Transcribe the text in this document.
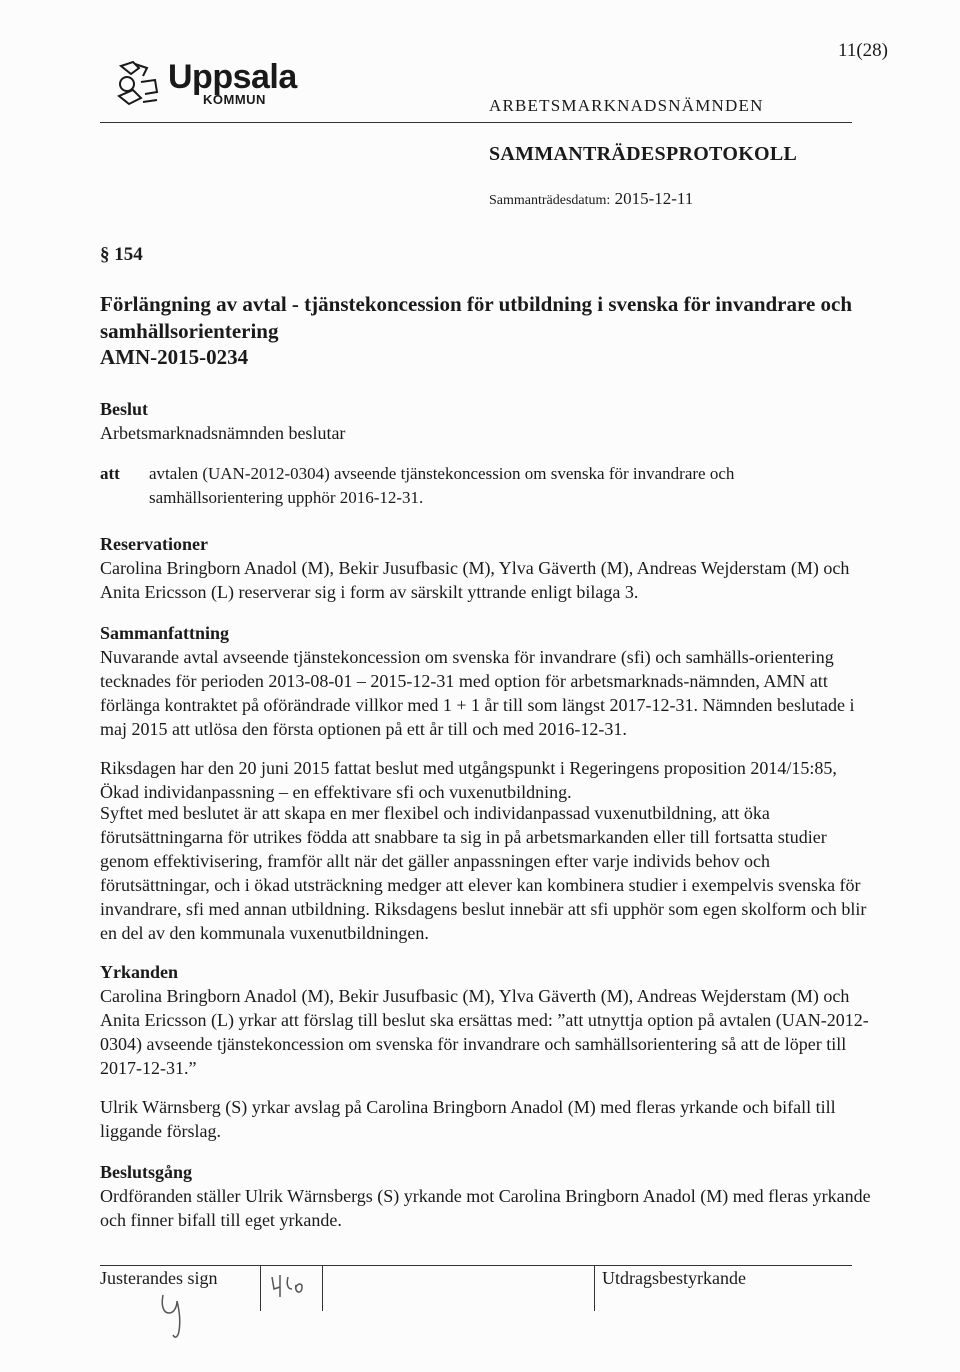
11(28)
Uppsala
KOMMUN	ARBETSMARKNADSNÄMNDEN
SAMMANTRÄDESPROTOKOLL
Sammanträdesdatum: 2015-12-11
§ 154
Förlängning av avtal - tjänstekoncession för utbildning i svenska för invandrare och samhällsorientering
AMN-2015-0234
Beslut
Arbetsmarknadsnämnden beslutar
att avtalen (UAN-2012-0304) avseende tjänstekoncession om svenska för invandrare och samhällsorientering upphör 2016-12-31.
Reservationer
Carolina Bringborn Anadol (M), Bekir Jusufbasic (M), Ylva Gäverth (M), Andreas Wejderstam (M) och Anita Ericsson (L) reserverar sig i form av särskilt yttrande enligt bilaga 3.
Sammanfattning
Nuvarande avtal avseende tjänstekoncession om svenska för invandrare (sfi) och samhälls-orientering tecknades för perioden 2013-08-01 – 2015-12-31 med option för arbetsmarknads-nämnden, AMN att förlänga kontraktet på oförändrade villkor med 1 + 1 år till som längst 2017-12-31. Nämnden beslutade i maj 2015 att utlösa den första optionen på ett år till och med 2016-12-31.
Riksdagen har den 20 juni 2015 fattat beslut med utgångspunkt i Regeringens proposition 2014/15:85, Ökad individanpassning – en effektivare sfi och vuxenutbildning.
Syftet med beslutet är att skapa en mer flexibel och individanpassad vuxenutbildning, att öka förutsättningarna för utrikes födda att snabbare ta sig in på arbetsmarkanden eller till fortsatta studier genom effektivisering, framför allt när det gäller anpassningen efter varje individs behov och förutsättningar, och i ökad utsträckning medger att elever kan kombinera studier i exempelvis svenska för invandrare, sfi med annan utbildning. Riksdagens beslut innebär att sfi upphör som egen skolform och blir en del av den kommunala vuxenutbildningen.
Yrkanden
Carolina Bringborn Anadol (M), Bekir Jusufbasic (M), Ylva Gäverth (M), Andreas Wejderstam (M) och Anita Ericsson (L) yrkar att förslag till beslut ska ersättas med: ”att utnyttja option på avtalen (UAN-2012-0304) avseende tjänstekoncession om svenska för invandrare och samhällsorientering så att de löper till 2017-12-31.”
Ulrik Wärnsberg (S) yrkar avslag på Carolina Bringborn Anadol (M) med fleras yrkande och bifall till liggande förslag.
Beslutsgång
Ordföranden ställer Ulrik Wärnsbergs (S) yrkande mot Carolina Bringborn Anadol (M) med fleras yrkande och finner bifall till eget yrkande.
Justerandes sign	Utdragsbestyrkande
